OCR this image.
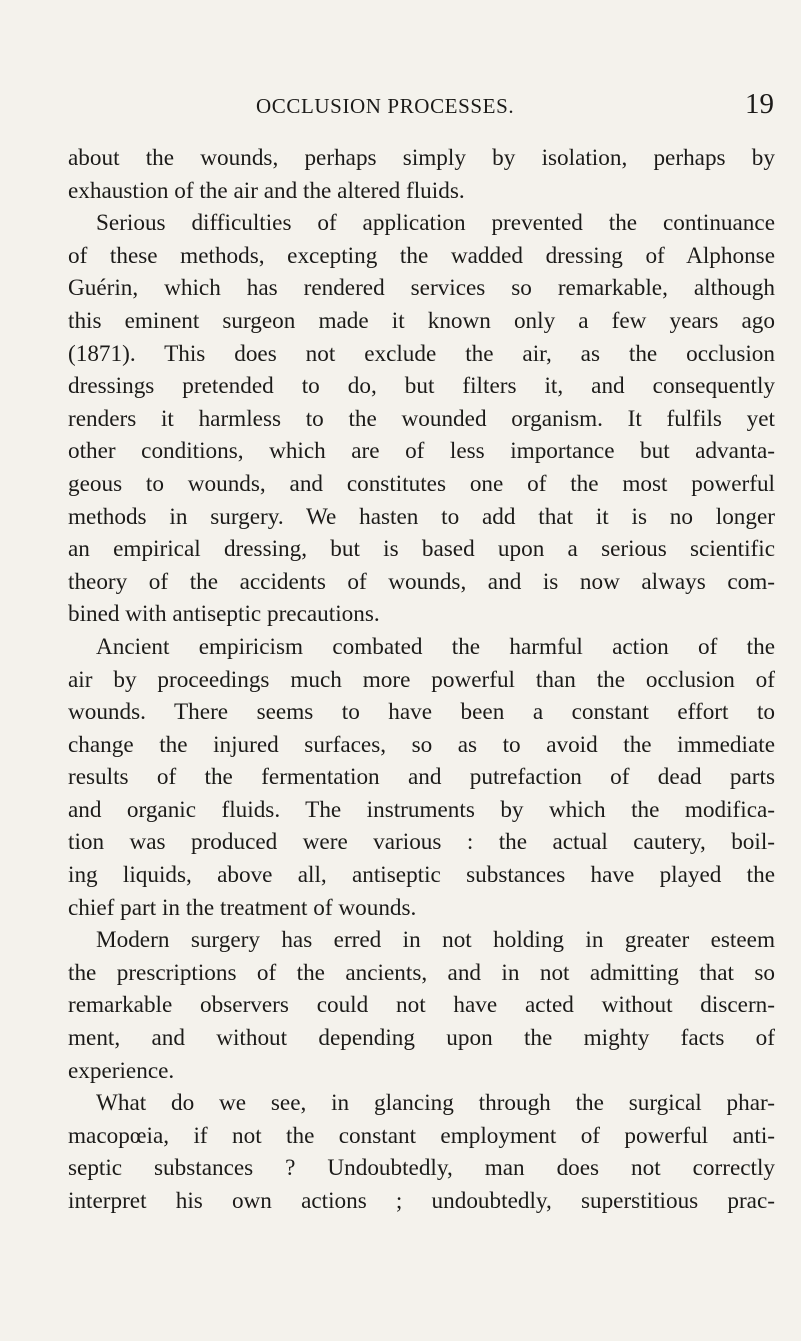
OCCLUSION PROCESSES.	19
about the wounds, perhaps simply by isolation, perhaps by
exhaustion of the air and the altered fluids.
Serious difficulties of application prevented the continuance
of these methods, excepting the wadded dressing of Alphonse
Guérin, which has rendered services so remarkable, although
this eminent surgeon made it known only a few years ago
(1871). This does not exclude the air, as the occlusion
dressings pretended to do, but filters it, and consequently
renders it harmless to the wounded organism. It fulfils yet
other conditions, which are of less importance but advanta-
geous to wounds, and constitutes one of the most powerful
methods in surgery. We hasten to add that it is no longer
an empirical dressing, but is based upon a serious scientific
theory of the accidents of wounds, and is now always com-
bined with antiseptic precautions.
Ancient empiricism combated the harmful action of the
air by proceedings much more powerful than the occlusion of
wounds. There seems to have been a constant effort to
change the injured surfaces, so as to avoid the immediate
results of the fermentation and putrefaction of dead parts
and organic fluids. The instruments by which the modifica-
tion was produced were various : the actual cautery, boil-
ing liquids, above all, antiseptic substances have played the
chief part in the treatment of wounds.
Modern surgery has erred in not holding in greater esteem
the prescriptions of the ancients, and in not admitting that so
remarkable observers could not have acted without discern-
ment, and without depending upon the mighty facts of
experience.
What do we see, in glancing through the surgical phar-
macopœia, if not the constant employment of powerful anti-
septic substances ? Undoubtedly, man does not correctly
interpret his own actions ; undoubtedly, superstitious prac-
